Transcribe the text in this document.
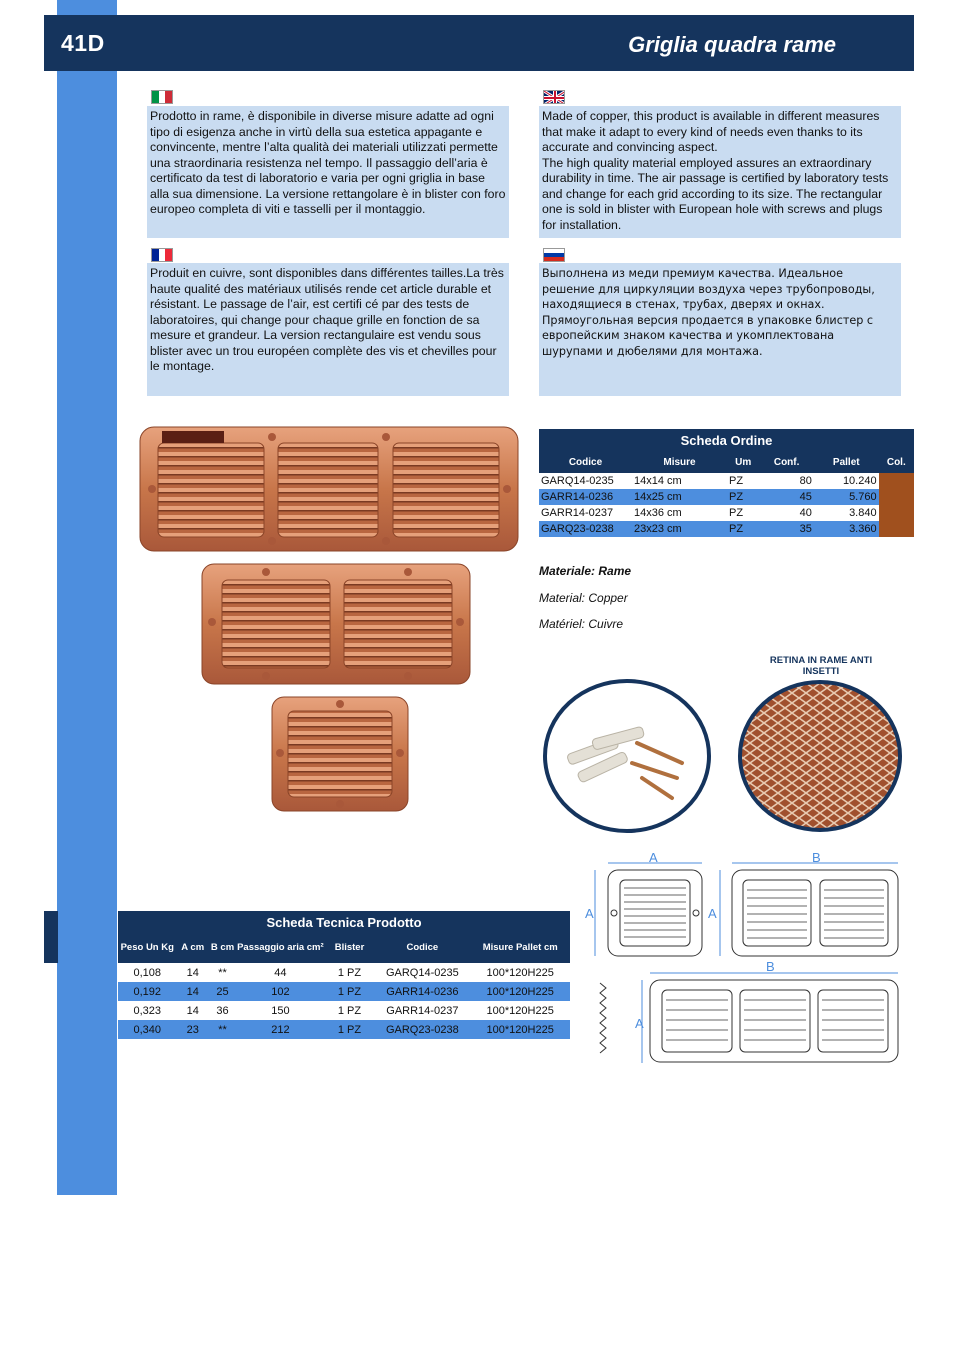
41D	Griglia quadra rame
Prodotto in rame, è disponibile in diverse misure adatte ad ogni tipo di esigenza anche in virtù della sua estetica appagante e convincente, mentre l’alta qualità dei materiali utilizzati permette una straordinaria resistenza nel tempo. Il passaggio dell’aria è certificato da test di laboratorio e varia per ogni griglia in base alla sua dimensione. La versione rettangolare è in blister con foro europeo completa di viti e tasselli per il montaggio.
Made of copper, this product is available in different measures that make it adapt to every kind of needs even thanks to its accurate and convincing aspect.
The high quality material employed assures an extraordinary durability in time. The air passage is certified by laboratory tests and change for each grid according to its size. The rectangular one is sold in blister with European hole with screws and plugs for installation.
Produit en cuivre, sont disponibles dans différentes tailles.La très haute qualité des matériaux utilisés rende cet article durable et résistant. Le passage de l’air, est certifi cé par des tests de laboratoires, qui change pour chaque grille en fonction de sa mesure et grandeur. La version rectangulaire est vendu sous blister avec un trou européen complète des vis et chevilles pour le montage.
Выполнена из меди премиум качества. Идеальное решение для циркуляции воздуха через трубопроводы, находящиеся в стенах, трубах, дверях и окнах. Прямоугольная версия продается в упаковке блистер с европейским знаком качества и укомплектована шурупами и дюбелями для монтажа.
Scheda Ordine					
Codice	Misure	Um	Conf.	Pallet	Col.
GARQ14-0235	14x14 cm	PZ	80	10.240	
GARR14-0236	14x25 cm	PZ	45	5.760	
GARR14-0237	14x36 cm	PZ	40	3.840	
GARQ23-0238	23x23 cm	PZ	35	3.360	
Materiale: Rame
Material: Copper
Matériel: Cuivre
RETINA IN RAME ANTI INSETTI
A	B
A	A
B
A
Scheda Tecnica Prodotto						
Peso Un Kg	A cm	B cm	Passaggio aria cm²	Blister	Codice	Misure Pallet cm
0,108	14	**	44	1 PZ	GARQ14-0235	100*120H225
0,192	14	25	102	1 PZ	GARR14-0236	100*120H225
0,323	14	36	150	1 PZ	GARR14-0237	100*120H225
0,340	23	**	212	1 PZ	GARQ23-0238	100*120H225
